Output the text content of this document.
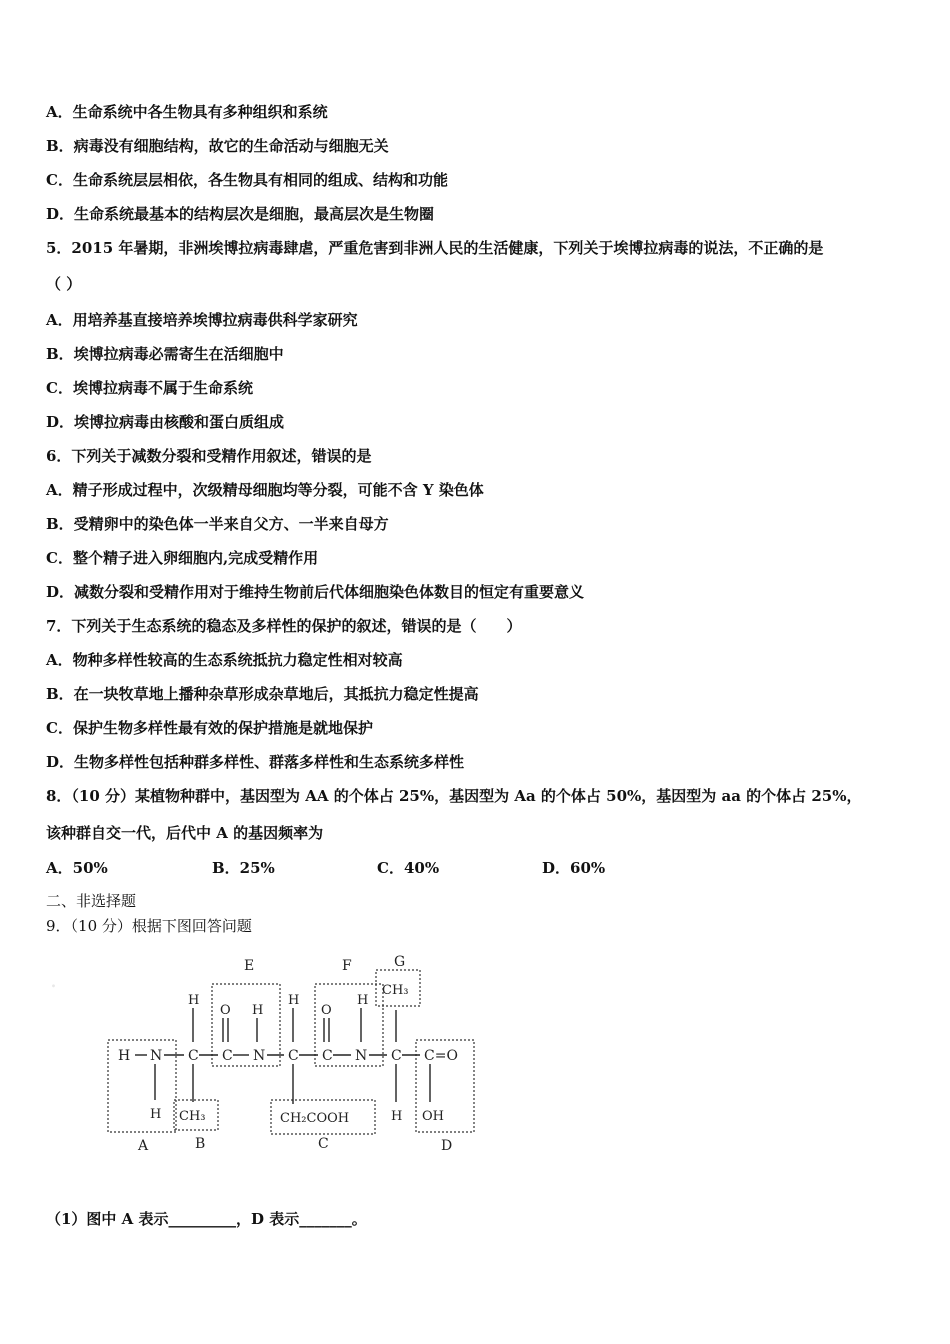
A．生命系统中各生物具有多种组织和系统
B．病毒没有细胞结构，故它的生命活动与细胞无关
C．生命系统层层相依，各生物具有相同的组成、结构和功能
D．生命系统最基本的结构层次是细胞，最高层次是生物圈
5．2015 年暑期，非洲埃博拉病毒肆虐，严重危害到非洲人民的生活健康，下列关于埃博拉病毒的说法，不正确的是
（ ）
A．用培养基直接培养埃博拉病毒供科学家研究
B．埃博拉病毒必需寄生在活细胞中
C．埃博拉病毒不属于生命系统
D．埃博拉病毒由核酸和蛋白质组成
6．下列关于减数分裂和受精作用叙述，错误的是
A．精子形成过程中，次级精母细胞均等分裂，可能不含 Y 染色体
B．受精卵中的染色体一半来自父方、一半来自母方
C．整个精子进入卵细胞内,完成受精作用
D．减数分裂和受精作用对于维持生物前后代体细胞染色体数目的恒定有重要意义
7．下列关于生态系统的稳态及多样性的保护的叙述，错误的是（　　）
A．物种多样性较高的生态系统抵抗力稳定性相对较高
B．在一块牧草地上播种杂草形成杂草地后，其抵抗力稳定性提高
C．保护生物多样性最有效的保护措施是就地保护
D．生物多样性包括种群多样性、群落多样性和生态系统多样性
8．（10 分）某植物种群中，基因型为 AA 的个体占 25%，基因型为 Aa 的个体占 50%，基因型为 aa 的个体占 25%，
该种群自交一代，后代中 A 的基因频率为
A．50%	B．25%	C．40%	D．60%
二、非选择题
9．（10 分）根据下图回答问题
.
E	F	G
A	B	C	D
H N C C N C C N C C=O
H
O H
H
O
H
CH₃
H CH₃	CH₂COOH	H OH
（1）图中 A 表示_________，D 表示_______。
